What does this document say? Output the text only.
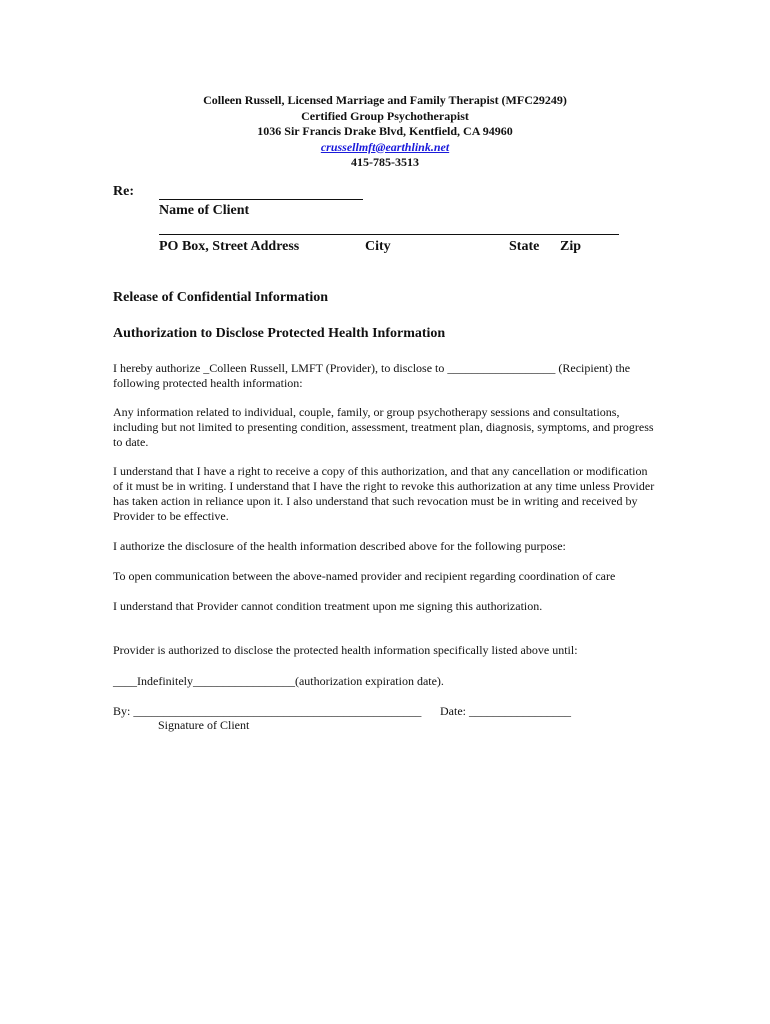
Colleen Russell, Licensed Marriage and Family Therapist (MFC29249)
Certified Group Psychotherapist
1036 Sir Francis Drake Blvd, Kentfield, CA 94960
crussellmft@earthlink.net
415-785-3513
Re:
Name of Client
PO Box, Street Address	City	State Zip
Release of Confidential Information
Authorization to Disclose Protected Health Information
I hereby authorize _Colleen Russell, LMFT (Provider), to disclose to __________________ (Recipient) the following protected health information:
Any information related to individual, couple, family, or group psychotherapy sessions and consultations, including but not limited to presenting condition, assessment, treatment plan, diagnosis, symptoms, and progress to date.
I understand that I have a right to receive a copy of this authorization, and that any cancellation or modification of it must be in writing. I understand that I have the right to revoke this authorization at any time unless Provider has taken action in reliance upon it. I also understand that such revocation must be in writing and received by Provider to be effective.
I authorize the disclosure of the health information described above for the following purpose:
To open communication between the above-named provider and recipient regarding coordination of care
I understand that Provider cannot condition treatment upon me signing this authorization.
Provider is authorized to disclose the protected health information specifically listed above until:
____Indefinitely_________________(authorization expiration date).
By: ________________________________________________	Date: _________________
Signature of Client
